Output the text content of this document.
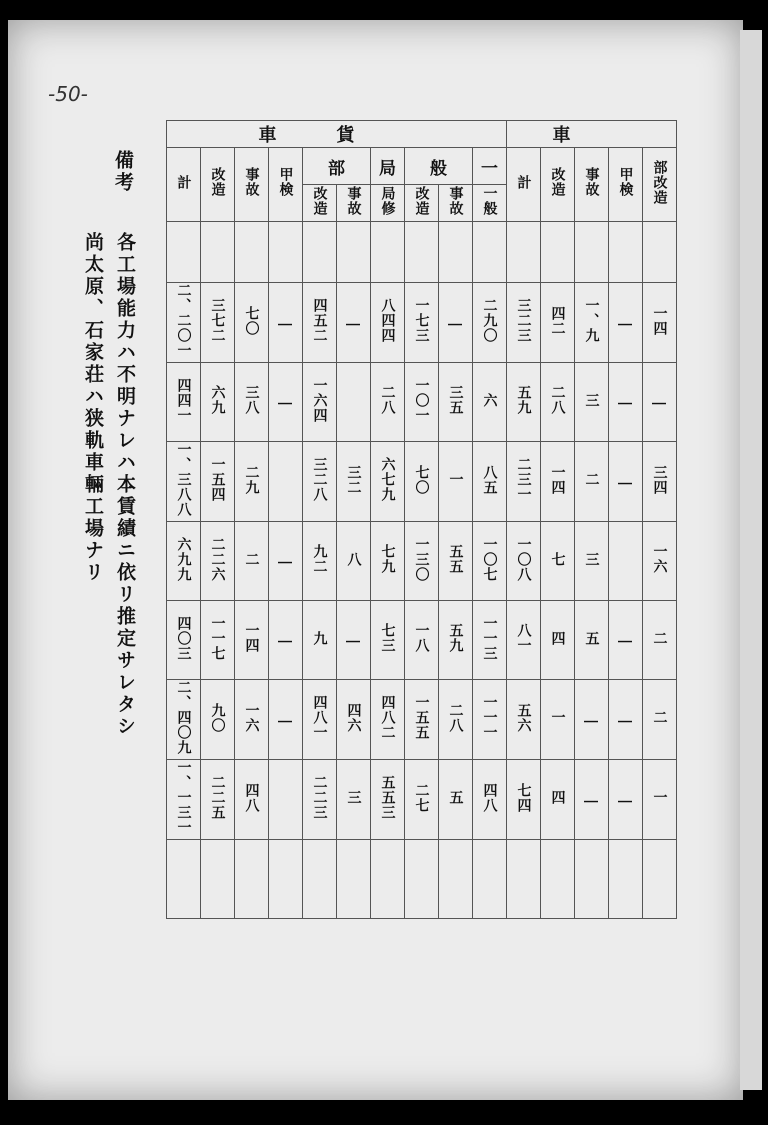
-50-
備考
各工場能力ハ不明ナレハ本賃績ニ依リ推定サレタシ
尚太原、石家荘ハ狭軌車輛工場ナリ
車貨										車				
計	改造	事故	甲検	部		局	般		一	計	改造	事故	甲検	部改造
				改造	事故	局修	改造	事故	一般					

二、二〇一	三七二	七〇	|	四五二	|	八四四	一七三	|	二九〇	三二三	四二	一、九	|	一四
四四一	六九	三八	|	一六四		二八	一〇一	三五	六	五九	二八	三	|	|
一、三八八	一五四	二九		三二八	三二	六七九	七〇	一	八五	二三一	一四	二	|	三四
六九九	二二六	二	|	九二	八	七九	一三〇	五五	一〇七	一〇八	七	三		一六
四〇三	一一七	一四	|	九	|	七三	一八	五九	一一三	八一	四	五	|	二
二、四〇九	九〇	一六	|	四八一	四六	四八二	一五五	二八	一一一	五六	一	|	|	二
一、一三一	二二五	四八		二二三	三	五五三	二七	五	四八	七四	四	|	|	一
